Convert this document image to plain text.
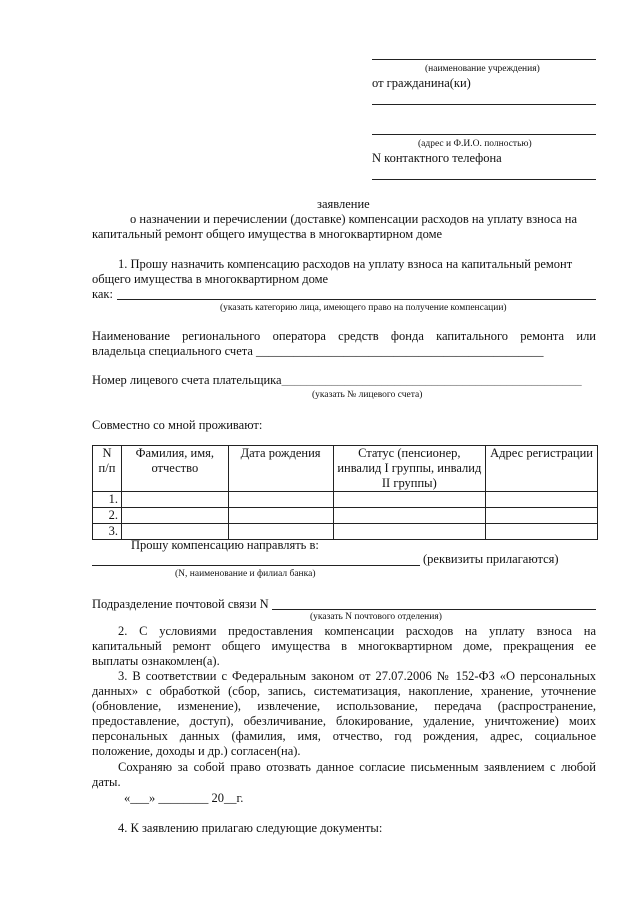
(наименование учреждения)
от гражданина(ки)
(адрес и Ф.И.О. полностью)
N контактного телефона
заявление
о назначении и перечислении (доставке) компенсации расходов на уплату взноса на
капитальный ремонт общего имущества в многоквартирном доме
1. Прошу назначить компенсацию расходов на уплату взноса на капитальный ремонт
общего имущества в многоквартирном доме
как:
(указать категорию лица, имеющего право на получение компенсации)
Наименование регионального оператора средств фонда капитального ремонта или
владельца специального счета ______________________________________________
Номер лицевого счета плательщика________________________________________________
(указать № лицевого счета)
Совместно со мной проживают:
N п/п	Фамилия, имя, отчество	Дата рождения	Статус (пенсионер, инвалид I группы, инвалид II группы)	Адрес регистрации
1.				
2.				
3.				
Прошу компенсацию направлять в:
(реквизиты прилагаются)
(N, наименование и филиал банка)
Подразделение почтовой связи N
(указать N почтового отделения)
2. С условиями предоставления компенсации расходов на уплату взноса на
капитальный ремонт общего имущества в многоквартирном доме, прекращения ее
выплаты ознакомлен(а).
3. В соответствии с Федеральным законом от 27.07.2006 № 152-ФЗ «О персональных
данных» с обработкой (сбор, запись, систематизация, накопление, хранение, уточнение
(обновление, изменение), извлечение, использование, передача (распространение,
предоставление, доступ), обезличивание, блокирование, удаление, уничтожение) моих
персональных данных (фамилия, имя, отчество, год рождения, адрес, социальное
положение, доходы и др.) согласен(на).
Сохраняю за собой право отозвать данное согласие письменным заявлением с любой
даты.
«___» ________ 20__г.
4. К заявлению прилагаю следующие документы:
